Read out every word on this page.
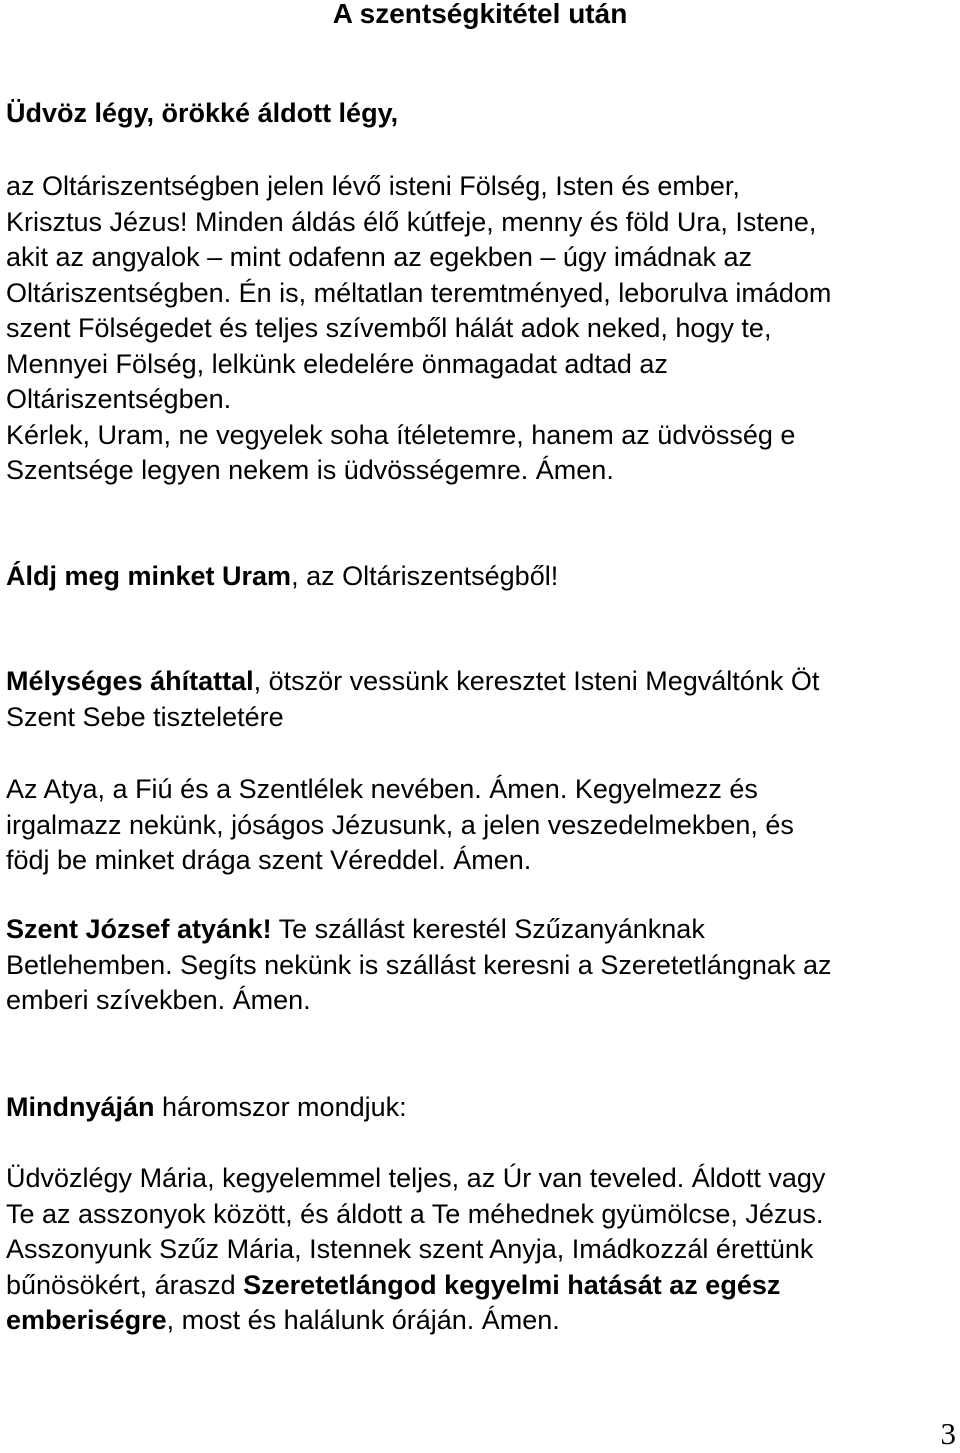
A szentségkitétel után
Üdvöz légy, örökké áldott légy,
az Oltáriszentségben jelen lévő isteni Fölség, Isten és ember,
Krisztus Jézus! Minden áldás élő kútfeje, menny és föld Ura, Istene,
akit az angyalok – mint odafenn az egekben – úgy imádnak az
Oltáriszentségben. Én is, méltatlan teremtményed, leborulva imádom
szent Fölségedet és teljes szívemből hálát adok neked, hogy te,
Mennyei Fölség, lelkünk eledelére önmagadat adtad az
Oltáriszentségben.
Kérlek, Uram, ne vegyelek soha ítéletemre, hanem az üdvösség e
Szentsége legyen nekem is üdvösségemre. Ámen.
Áldj meg minket Uram, az Oltáriszentségből!
Mélységes áhítattal, ötször vessünk keresztet Isteni Megváltónk Öt
Szent Sebe tiszteletére
Az Atya, a Fiú és a Szentlélek nevében. Ámen. Kegyelmezz és
irgalmazz nekünk, jóságos Jézusunk, a jelen veszedelmekben, és
födj be minket drága szent Véreddel. Ámen.
Szent József atyánk! Te szállást kerestél Szűzanyánknak
Betlehemben. Segíts nekünk is szállást keresni a Szeretetlángnak az
emberi szívekben. Ámen.
Mindnyáján háromszor mondjuk:
Üdvözlégy Mária, kegyelemmel teljes, az Úr van teveled. Áldott vagy
Te az asszonyok között, és áldott a Te méhednek gyümölcse, Jézus.
Asszonyunk Szűz Mária, Istennek szent Anyja, Imádkozzál érettünk
bűnösökért, áraszd Szeretetlángod kegyelmi hatását az egész
emberiségre, most és halálunk óráján. Ámen.
3
